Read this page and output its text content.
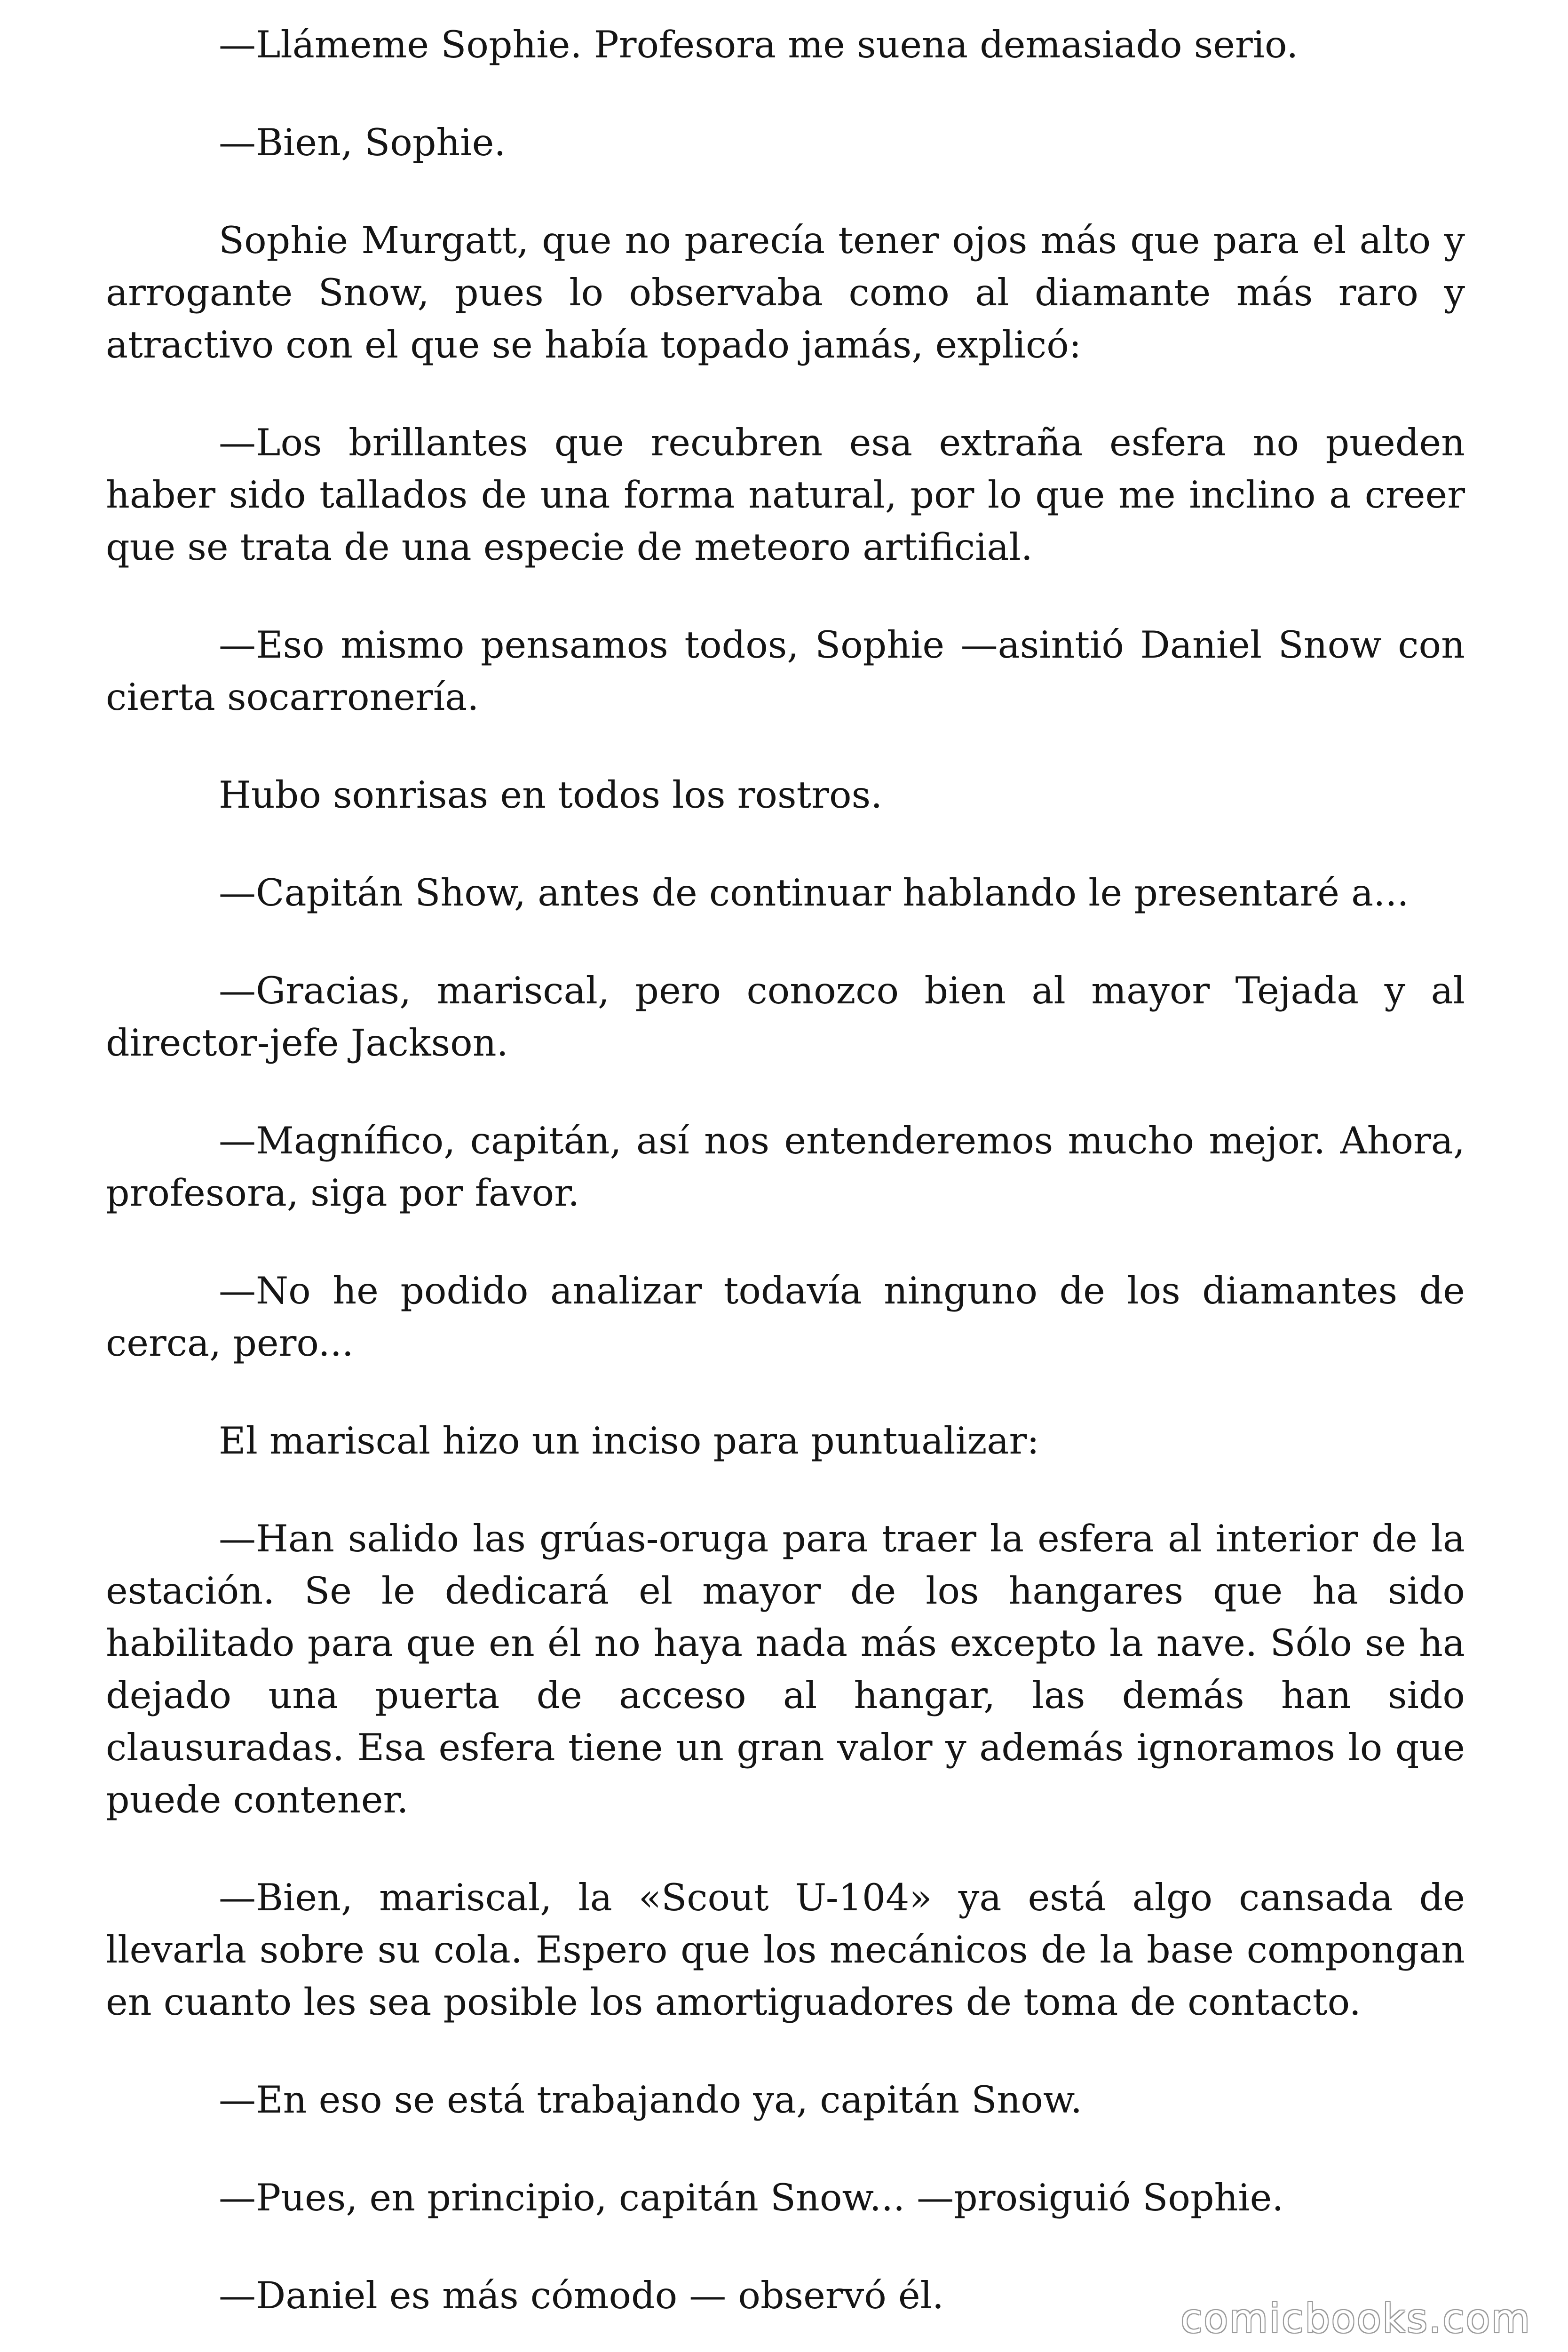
—Llámeme Sophie. Profesora me suena demasiado serio.

—Bien, Sophie.

Sophie Murgatt, que no parecía tener ojos más que para el alto y arrogante Snow, pues lo observaba como al diamante más raro y atractivo con el que se había topado jamás, explicó:

—Los brillantes que recubren esa extraña esfera no pueden haber sido tallados de una forma natural, por lo que me inclino a creer que se trata de una especie de meteoro artificial.

—Eso mismo pensamos todos, Sophie —asintió Daniel Snow con cierta socarronería.

Hubo sonrisas en todos los rostros.

—Capitán Show, antes de continuar hablando le presentaré a...

—Gracias, mariscal, pero conozco bien al mayor Tejada y al director-jefe Jackson.

—Magnífico, capitán, así nos entenderemos mucho mejor. Ahora, profesora, siga por favor.

—No he podido analizar todavía ninguno de los diamantes de cerca, pero...

El mariscal hizo un inciso para puntualizar:

—Han salido las grúas-oruga para traer la esfera al interior de la estación. Se le dedicará el mayor de los hangares que ha sido habilitado para que en él no haya nada más excepto la nave. Sólo se ha dejado una puerta de acceso al hangar, las demás han sido clausuradas. Esa esfera tiene un gran valor y además ignoramos lo que puede contener.

—Bien, mariscal, la «Scout U-104» ya está algo cansada de llevarla sobre su cola. Espero que los mecánicos de la base compongan en cuanto les sea posible los amortiguadores de toma de contacto.

—En eso se está trabajando ya, capitán Snow.

—Pues, en principio, capitán Snow... —prosiguió Sophie.

—Daniel es más cómodo — observó él.	comicbooks.com
